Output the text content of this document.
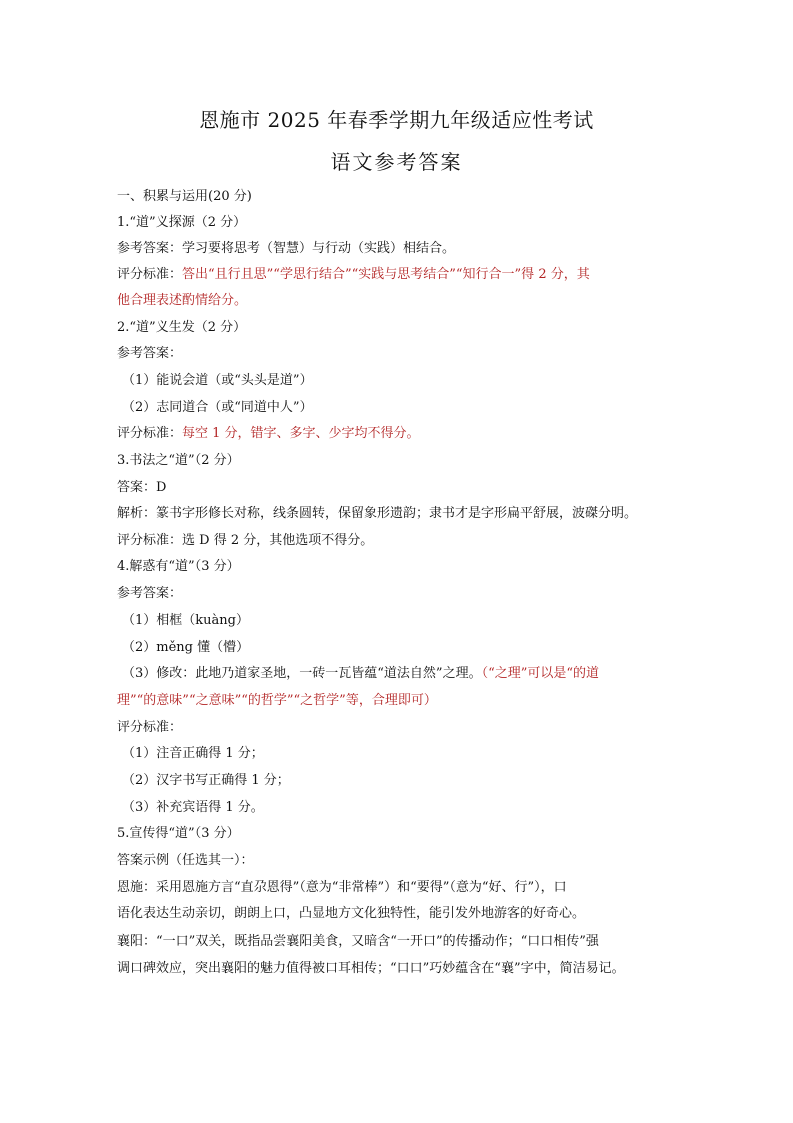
恩施市 2025 年春季学期九年级适应性考试
语文参考答案
一、积累与运用(20 分)
1.“道”义探源（2 分）
参考答案：学习要将思考（智慧）与行动（实践）相结合。
评分标准：答出“且行且思”“学思行结合”“实践与思考结合”“知行合一”得 2 分，其
他合理表述酌情给分。
2.“道”义生发（2 分）
参考答案：
（1）能说会道（或“头头是道”）
（2）志同道合（或“同道中人”）
评分标准：每空 1 分，错字、多字、少字均不得分。
3.书法之“道”（2 分）
答案：D
解析：篆书字形修长对称，线条圆转，保留象形遗韵；隶书才是字形扁平舒展，波磔分明。
评分标准：选 D 得 2 分，其他选项不得分。
4.解惑有“道”（3 分）
参考答案：
（1）相框（kuàng）
（2）měng 懂（懵）
（3）修改：此地乃道家圣地，一砖一瓦皆蕴“道法自然”之理。（“之理”可以是“的道
理”“的意味”“之意味”“的哲学”“之哲学”等，合理即可）
评分标准：
（1）注音正确得 1 分；
（2）汉字书写正确得 1 分；
（3）补充宾语得 1 分。
5.宣传得“道”（3 分）
答案示例（任选其一）：
恩施：采用恩施方言“直尕恩得”（意为“非常棒”）和“要得”（意为“好、行”），口
语化表达生动亲切，朗朗上口，凸显地方文化独特性，能引发外地游客的好奇心。
襄阳：“一口”双关，既指品尝襄阳美食，又暗含“一开口”的传播动作；“口口相传”强
调口碑效应，突出襄阳的魅力值得被口耳相传；“口口”巧妙蕴含在“襄”字中，简洁易记。
